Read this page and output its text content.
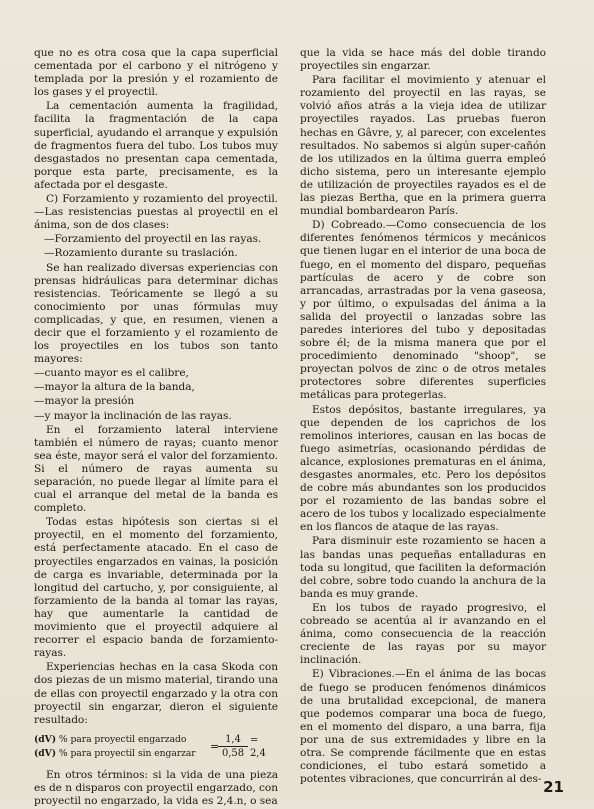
que no es otra cosa que la capa superficial cementada por el carbono y el nitrógeno y templada por la presión y el rozamiento de los gases y el proyectil.

La cementación aumenta la fragilidad, facilita la fragmentación de la capa superficial, ayudando el arranque y expulsión de fragmentos fuera del tubo. Los tubos muy desgastados no presentan capa cementada, porque esta parte, precisamente, es la afectada por el desgaste.

C) Forzamiento y rozamiento del proyectil.—Las resistencias puestas al proyectil en el ánima, son de dos clases:

—Forzamiento del proyectil en las rayas.

—Rozamiento durante su traslación.

Se han realizado diversas experiencias con prensas hidráulicas para determinar dichas resistencias. Teóricamente se llegó a su conocimiento por unas fórmulas muy complicadas, y que, en resumen, vienen a decir que el forzamiento y el rozamiento de los proyectiles en los tubos son tanto mayores:

—cuanto mayor es el calibre,

—mayor la altura de la banda,

—mayor la presión

—y mayor la inclinación de las rayas.

En el forzamiento lateral interviene también el número de rayas; cuanto menor sea éste, mayor será el valor del forzamiento. Si el número de rayas aumenta su separación, no puede llegar al límite para el cual el arranque del metal de la banda es completo.

Todas estas hipótesis son ciertas si el proyectil, en el momento del forzamiento, está perfectamente atacado. En el caso de proyectiles engarzados en vainas, la posición de carga es invariable, determinada por la longitud del cartucho, y, por consiguiente, al forzamiento de la banda al tomar las rayas, hay que aumentarle la cantidad de movimiento que el proyectil adquiere al recorrer el espacio banda de forzamiento-rayas.

Experiencias hechas en la casa Skoda con dos piezas de un mismo material, tirando una de ellas con proyectil engarzado y la otra con proyectil sin engarzar, dieron el siguiente resultado:

(dV) % para proyectil engarzado
(dV) % para proyectil sin engarzar
=
1,4
0,58
= 2,4

En otros términos: si la vida de una pieza es de n disparos con proyectil engarzado, con proyectil no engarzado, la vida es 2,4.n, o sea

que la vida se hace más del doble tirando proyectiles sin engarzar.

Para facilitar el movimiento y atenuar el rozamiento del proyectil en las rayas, se volvió años atrás a la vieja idea de utilizar proyectiles rayados. Las pruebas fueron hechas en Gâvre, y, al parecer, con excelentes resultados. No sabemos si algún super-cañón de los utilizados en la última guerra empleó dicho sistema, pero un interesante ejemplo de utilización de proyectiles rayados es el de las piezas Bertha, que en la primera guerra mundial bombardearon París.

D) Cobreado.—Como consecuencia de los diferentes fenómenos térmicos y mecánicos que tienen lugar en el interior de una boca de fuego, en el momento del disparo, pequeñas partículas de acero y de cobre son arrancadas, arrastradas por la vena gaseosa, y por último, o expulsadas del ánima a la salida del proyectil o lanzadas sobre las paredes interiores del tubo y depositadas sobre él; de la misma manera que por el procedimiento denominado "shoop", se proyectan polvos de zinc o de otros metales protectores sobre diferentes superficies metálicas para protegerlas.

Estos depósitos, bastante irregulares, ya que dependen de los caprichos de los remolinos interiores, causan en las bocas de fuego asimetrías, ocasionando pérdidas de alcance, explosiones prematuras en el ánima, desgastes anormales, etc. Pero los depósitos de cobre más abundantes son los producidos por el rozamiento de las bandas sobre el acero de los tubos y localizado especialmente en los flancos de ataque de las rayas.

Para disminuir este rozamiento se hacen a las bandas unas pequeñas entalladuras en toda su longitud, que faciliten la deformación del cobre, sobre todo cuando la anchura de la banda es muy grande.

En los tubos de rayado progresivo, el cobreado se acentúa al ir avanzando en el ánima, como consecuencia de la reacción creciente de las rayas por su mayor inclinación.

E) Vibraciones.—En el ánima de las bocas de fuego se producen fenómenos dinámicos de una brutalidad excepcional, de manera que podemos comparar una boca de fuego, en el momento del disparo, a una barra, fija por una de sus extremidades y libre en la otra. Se comprende fácilmente que en estas condiciones, el tubo estará sometido a potentes vibraciones, que concurrirán al des- 21
